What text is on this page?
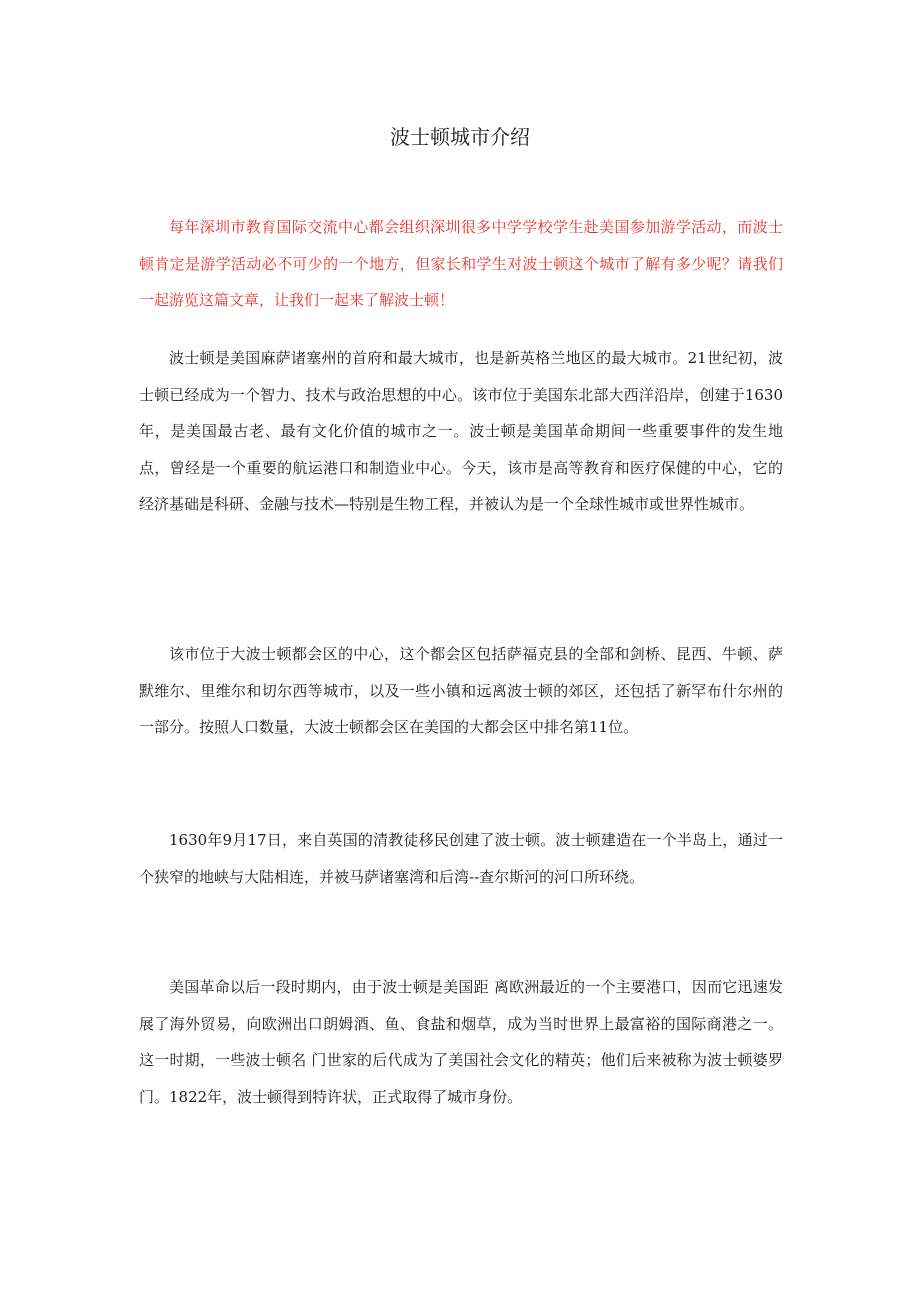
波士顿城市介绍

每年深圳市教育国际交流中心都会组织深圳很多中学学校学生赴美国参加游学活动，而波士顿肯定是游学活动必不可少的一个地方，但家长和学生对波士顿这个城市了解有多少呢？请我们一起游览这篇文章，让我们一起来了解波士顿！

波士顿是美国麻萨诸塞州的首府和最大城市，也是新英格兰地区的最大城市。21世纪初，波士顿已经成为一个智力、技术与政治思想的中心。该市位于美国东北部大西洋沿岸，创建于1630年，是美国最古老、最有文化价值的城市之一。波士顿是美国革命期间一些重要事件的发生地点，曾经是一个重要的航运港口和制造业中心。今天，该市是高等教育和医疗保健的中心，它的经济基础是科研、金融与技术—特别是生物工程，并被认为是一个全球性城市或世界性城市。

该市位于大波士顿都会区的中心，这个都会区包括萨福克县的全部和剑桥、昆西、牛顿、萨默维尔、里维尔和切尔西等城市，以及一些小镇和远离波士顿的郊区，还包括了新罕布什尔州的一部分。按照人口数量，大波士顿都会区在美国的大都会区中排名第11位。

1630年9月17日，来自英国的清教徒移民创建了波士顿。波士顿建造在一个半岛上，通过一个狭窄的地峡与大陆相连，并被马萨诸塞湾和后湾--查尔斯河的河口所环绕。

美国革命以后一段时期内，由于波士顿是美国距 离欧洲最近的一个主要港口，因而它迅速发展了海外贸易，向欧洲出口朗姆酒、鱼、食盐和烟草，成为当时世界上最富裕的国际商港之一。这一时期，一些波士顿名 门世家的后代成为了美国社会文化的精英；他们后来被称为波士顿婆罗门。1822年，波士顿得到特许状，正式取得了城市身份。
